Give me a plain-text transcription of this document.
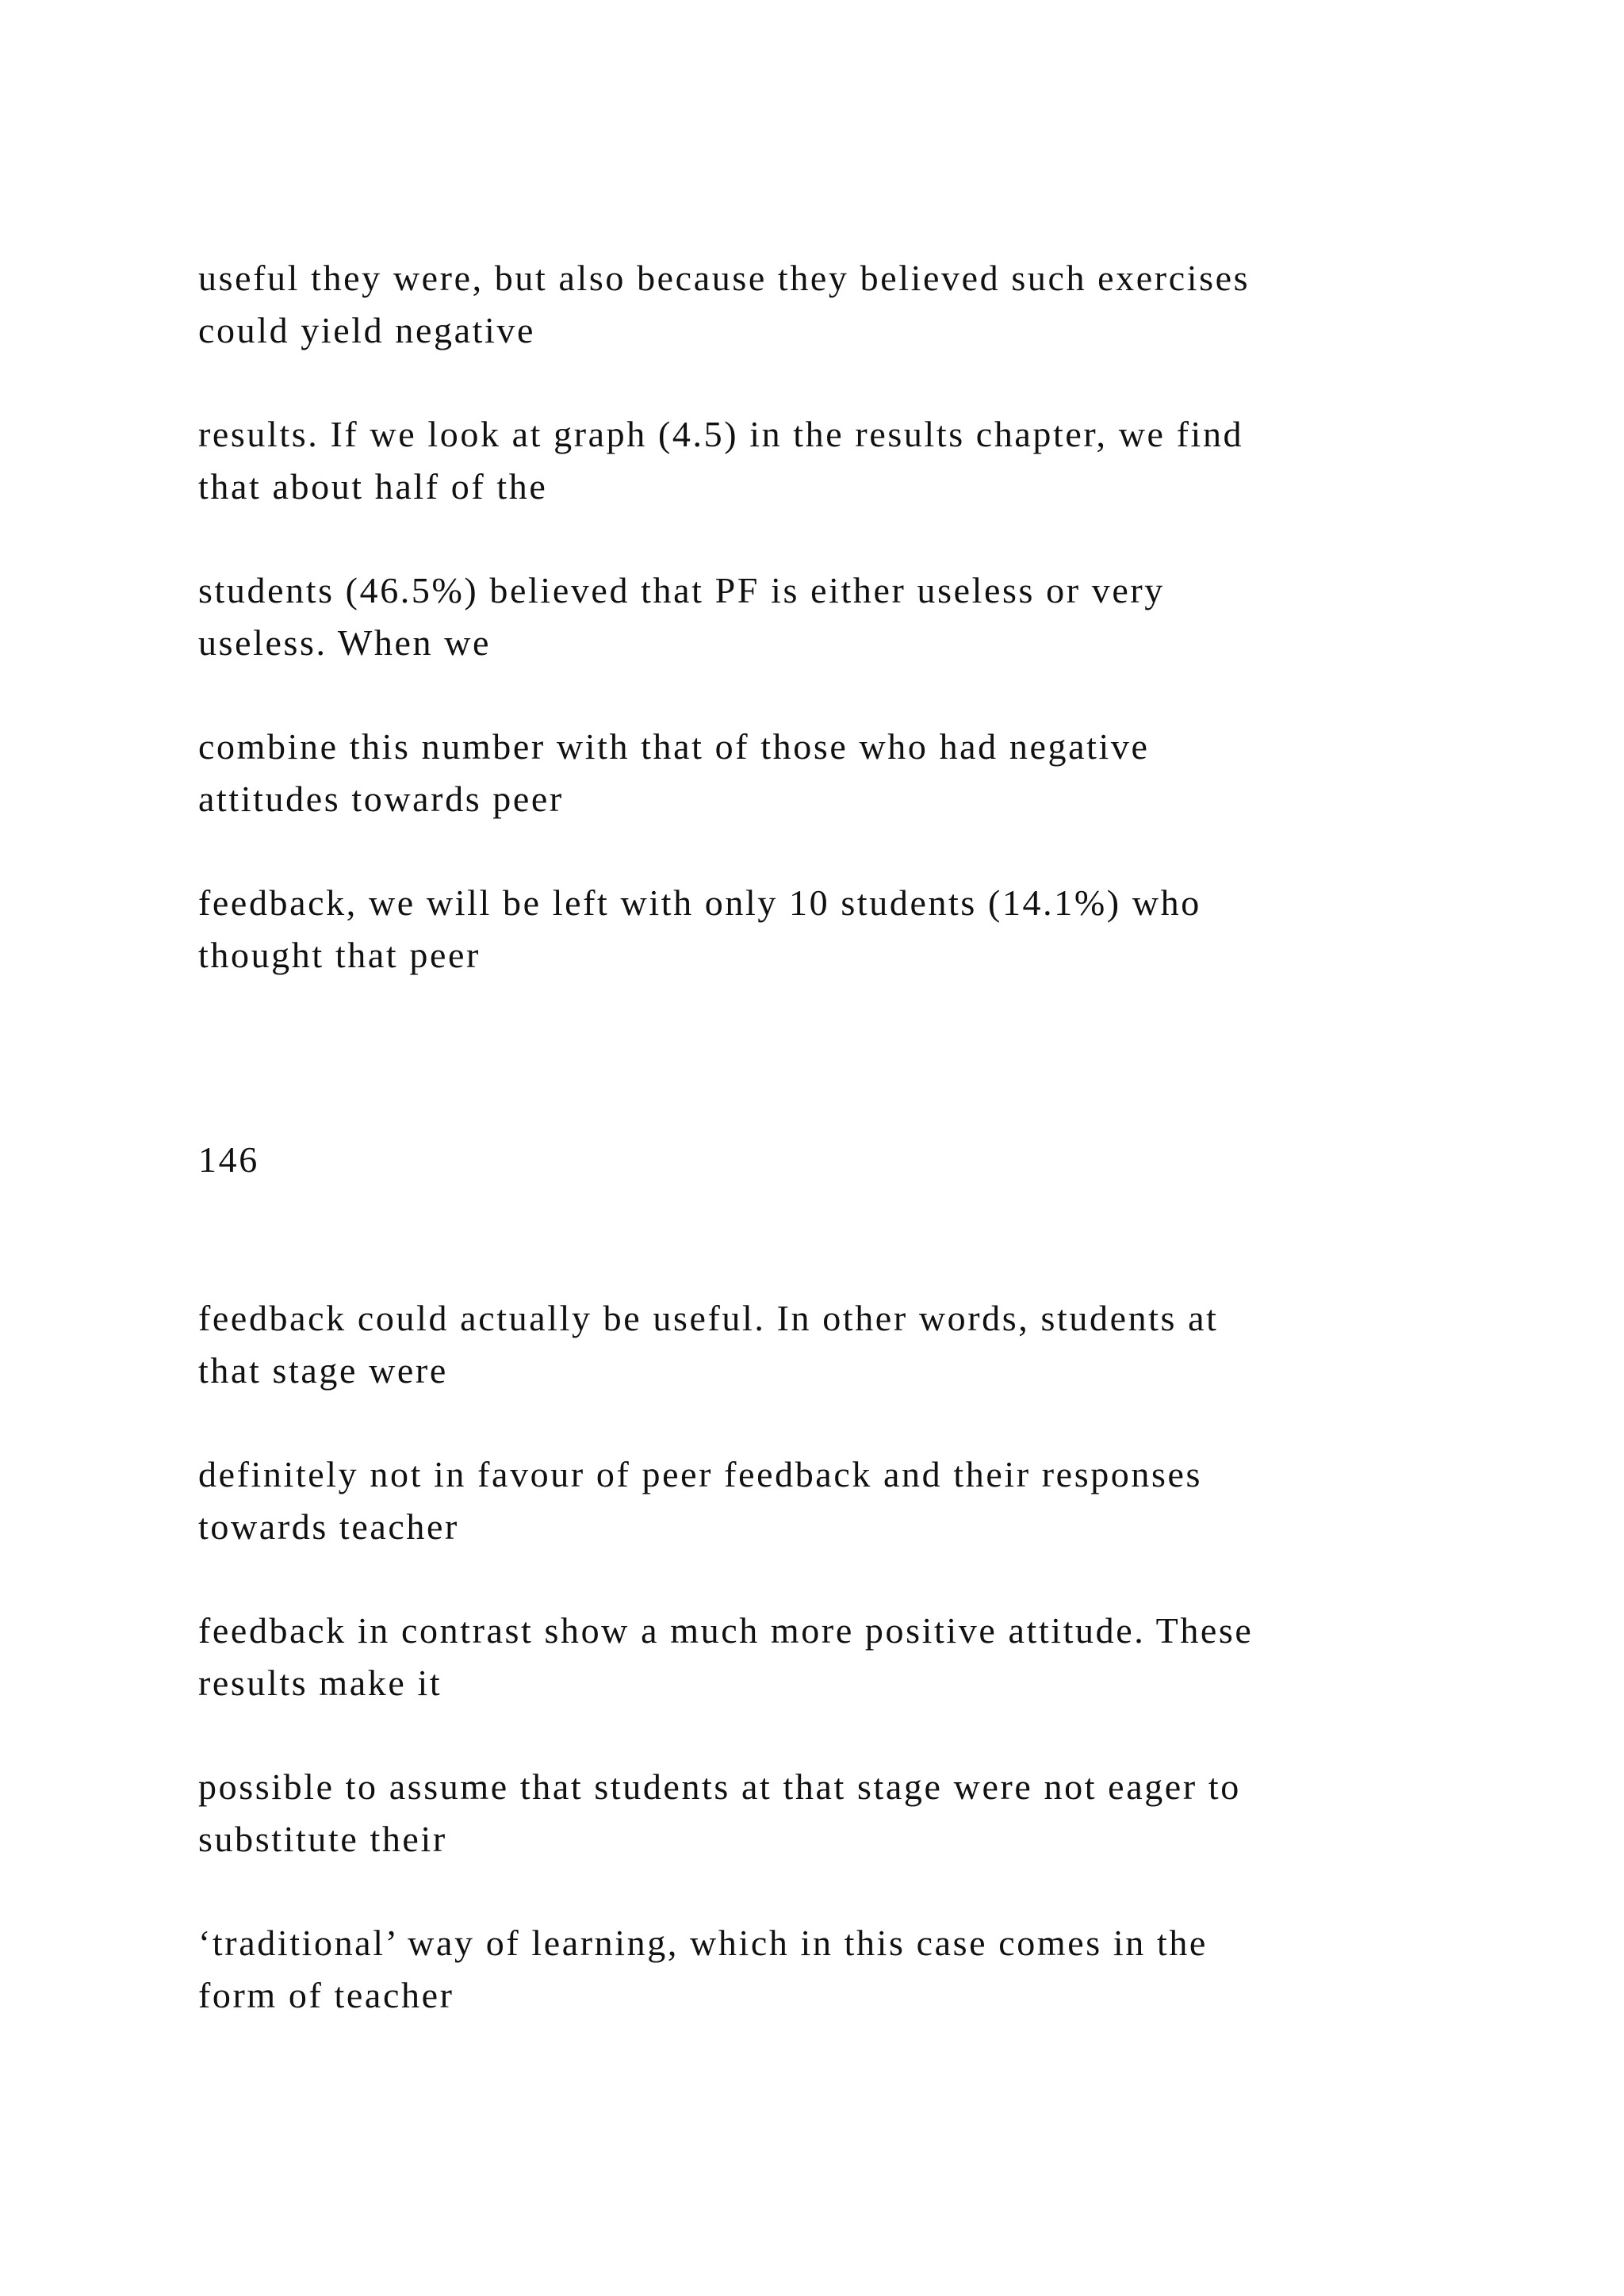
useful they were, but also because they believed such exercises
could yield negative

results. If we look at graph (4.5) in the results chapter, we find
that about half of the

students (46.5%) believed that PF is either useless or very
useless. When we

combine this number with that of those who had negative
attitudes towards peer

feedback, we will be left with only 10 students (14.1%) who
thought that peer

146

feedback could actually be useful. In other words, students at
that stage were

definitely not in favour of peer feedback and their responses
towards teacher

feedback in contrast show a much more positive attitude. These
results make it

possible to assume that students at that stage were not eager to
substitute their

‘traditional’ way of learning, which in this case comes in the
form of teacher
